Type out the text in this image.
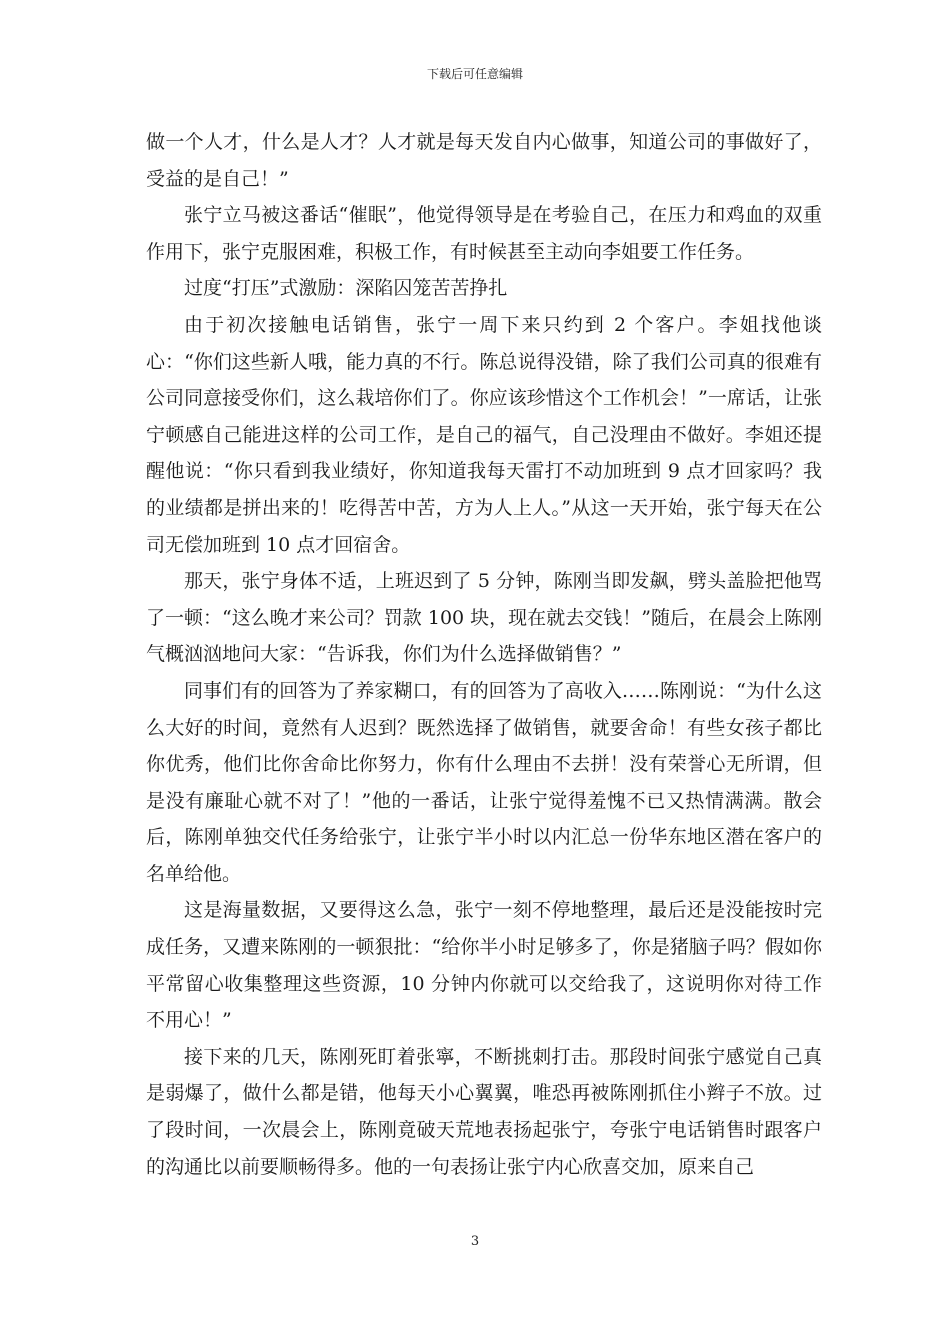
下载后可任意编辑

做一个人才，什么是人才？人才就是每天发自内心做事，知道公司的事做好了，受益的是自己！”

张宁立马被这番话“催眠”，他觉得领导是在考验自己，在压力和鸡血的双重作用下，张宁克服困难，积极工作，有时候甚至主动向李姐要工作任务。

过度“打压”式激励：深陷囚笼苦苦挣扎

由于初次接触电话销售，张宁一周下来只约到 2 个客户。李姐找他谈心：“你们这些新人哦，能力真的不行。陈总说得没错，除了我们公司真的很难有公司同意接受你们，这么栽培你们了。你应该珍惜这个工作机会！”一席话，让张宁顿感自己能进这样的公司工作，是自己的福气，自己没理由不做好。李姐还提醒他说：“你只看到我业绩好，你知道我每天雷打不动加班到 9 点才回家吗？我的业绩都是拼出来的！吃得苦中苦，方为人上人。”从这一天开始，张宁每天在公司无偿加班到 10 点才回宿舍。

那天，张宁身体不适，上班迟到了 5 分钟，陈刚当即发飙，劈头盖脸把他骂了一顿：“这么晚才来公司？罚款 100 块，现在就去交钱！”随后，在晨会上陈刚气概汹汹地问大家：“告诉我，你们为什么选择做销售？”

同事们有的回答为了养家糊口，有的回答为了高收入……陈刚说：“为什么这么大好的时间，竟然有人迟到？既然选择了做销售，就要舍命！有些女孩子都比你优秀，他们比你舍命比你努力，你有什么理由不去拼！没有荣誉心无所谓，但是没有廉耻心就不对了！”他的一番话，让张宁觉得羞愧不已又热情满满。散会后，陈刚单独交代任务给张宁，让张宁半小时以内汇总一份华东地区潜在客户的名单给他。

这是海量数据，又要得这么急，张宁一刻不停地整理，最后还是没能按时完成任务，又遭来陈刚的一顿狠批：“给你半小时足够多了，你是猪脑子吗？假如你平常留心收集整理这些资源，10 分钟内你就可以交给我了，这说明你对待工作不用心！”

接下来的几天，陈刚死盯着张寧，不断挑刺打击。那段时间张宁感觉自己真是弱爆了，做什么都是错，他每天小心翼翼，唯恐再被陈刚抓住小辫子不放。过了段时间，一次晨会上，陈刚竟破天荒地表扬起张宁，夸张宁电话销售时跟客户的沟通比以前要顺畅得多。他的一句表扬让张宁内心欣喜交加，原来自己

3
